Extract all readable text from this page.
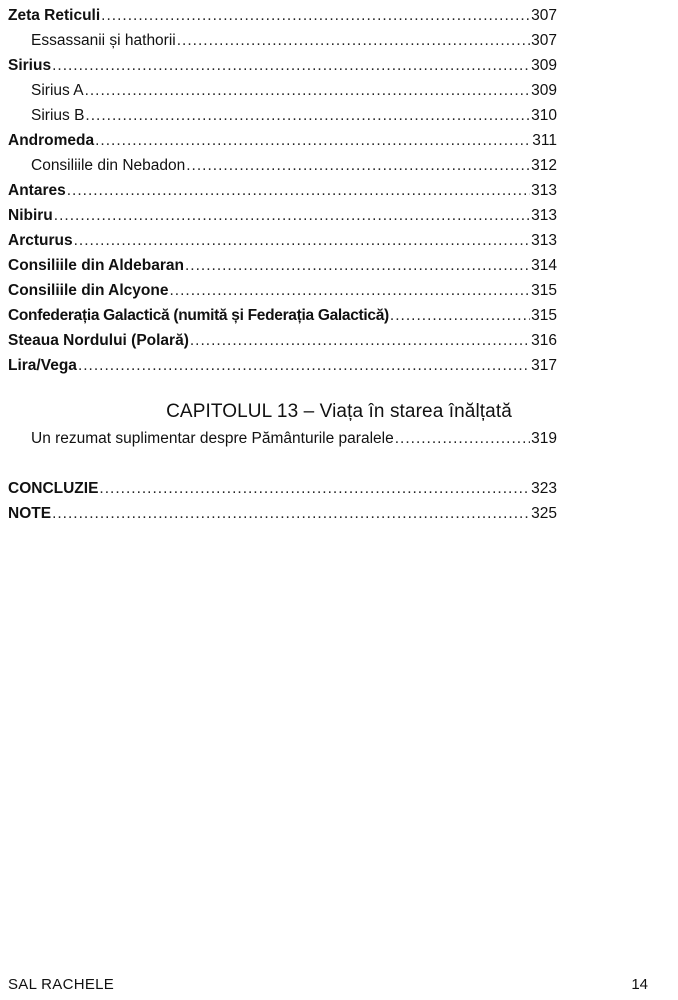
Zeta Reticuli .....	307
Essassanii și hathorii .....	307
Sirius .....	309
Sirius A .....	309
Sirius B .....	310
Andromeda .....	311
Consiliile din Nebadon .....	312
Antares .....	313
Nibiru .....	313
Arcturus .....	313
Consiliile din Aldebaran .....	314
Consiliile din Alcyone .....	315
Confederația Galactică (numită și Federația Galactică) .....	315
Steaua Nordului (Polară) .....	316
Lira/Vega .....	317
CAPITOLUL 13 – Viața în starea înălțată
Un rezumat suplimentar despre Pământurile paralele .....	319
CONCLUZIE .....	323
NOTE .....	325
SAL RACHELE	14
